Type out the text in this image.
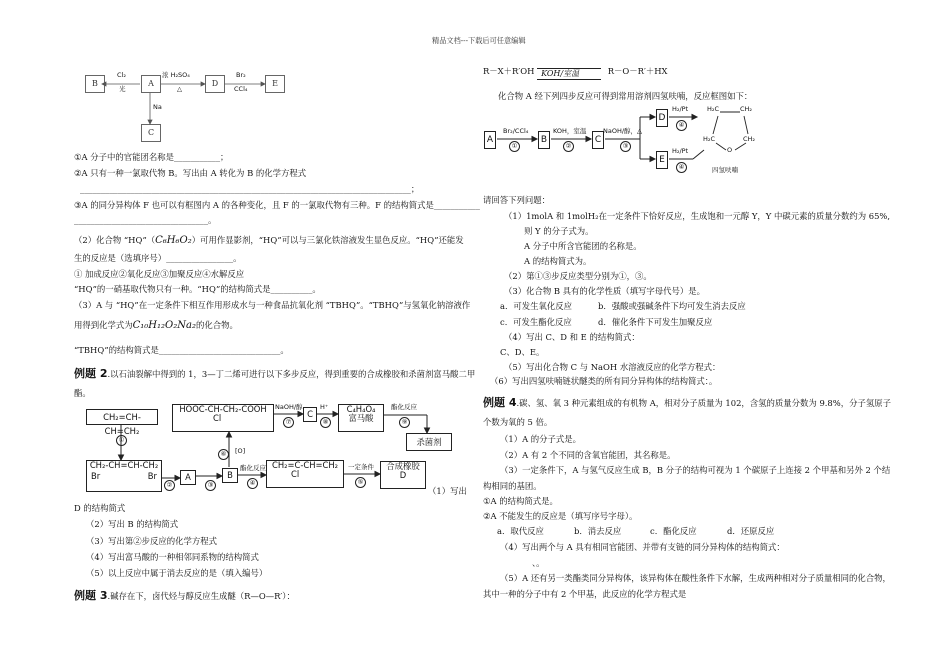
精品文档---下载后可任意编辑
B	A	D	E
C
Cl₂
光
浓 H₂SO₄
△
Br₂
CCl₄
Na
①A 分子中的官能团名称是___________；
②A 只有一种一氯取代物 B。写出由 A 转化为 B 的化学方程式
_______________________________________________________________________________；
③A 的同分异构体 F 也可以有框图内 A 的各种变化，且 F 的一氯取代物有三种。F 的结构简式是___________
________________________________。
（2）化合物 “HQ”（C₆H₆O₂）可用作显影剂，“HQ”可以与三氯化铁溶液发生显色反应。“HQ”还能发
生的反应是（选填序号）________________。
① 加成反应②氧化反应③加聚反应④水解反应
“HQ”的一硝基取代物只有一种。“HQ”的结构简式是__________。
（3）A 与 “HQ”在一定条件下相互作用形成水与一种食品抗氧化剂 “TBHQ”。“TBHQ”与氢氧化钠溶液作
用得到化学式为C₁₀H₁₂O₂Na₂的化合物。
“TBHQ”的结构简式是_____________________________。
例题 2.以石油裂解中得到的 1，3—丁二烯可进行以下多步反应，得到重要的合成橡胶和杀菌剂富马酸二甲
酯。
CH₂=CH-CH=CH₂
HOOC-CH-CH₂-COOH
Cl	C	C₄H₄O₄
富马酸
杀菌剂
CH₂-CH=CH-CH₂
Br	Br	A	B
CH₂=C-CH=CH₂
Cl
合成橡胶
D
①
②	③
酯化反应
④
一定条件
⑤
⑥	[O]
NaOH/醇
⑦
H⁺
⑧
酯化反应
⑨
（1）写出
D 的结构简式
（2）写出 B 的结构简式
（3）写出第②步反应的化学方程式
（4）写出富马酸的一种相邻同系物的结构简式
（5）以上反应中属于消去反应的是（填入编号）
例题 3.碱存在下，卤代烃与醇反应生成醚（R—O—R′）：
R－X＋R′OH KOH/室温	R－O－R′＋HX
化合物 A 经下列四步反应可得到常用溶剂四氢呋喃，反应框图如下：
A	B	C
D
E
Br₂/CCl₄
①
KOH，室温
②
NaOH/醇，△
③
H₂/Pt
④
H₂/Pt
④
H₂C	CH₂
H₂C	CH₂
O
四氢呋喃
请回答下列问题：
（1）1molA 和 1molH₂在一定条件下恰好反应，生成饱和一元醇 Y，Y 中碳元素的质量分数约为 65%,
则 Y 的分子式为。
A 分子中所含官能团的名称是。
A 的结构简式为。
（2）第①③步反应类型分别为①，③。
（3）化合物 B 具有的化学性质（填写字母代号）是。
a．可发生氧化反应	b．强酸或强碱条件下均可发生消去反应
c．可发生酯化反应	d．催化条件下可发生加聚反应
（4）写出 C、D 和 E 的结构简式：
C、D、E。
（5）写出化合物 C 与 NaOH 水溶液反应的化学方程式：
（6）写出四氢呋喃链状醚类的所有同分异构体的结构简式：。
例题 4.碳、氢、氧 3 种元素组成的有机物 A，相对分子质量为 102，含氢的质量分数为 9.8%，分子氢原子
个数为氧的 5 倍。
（1）A 的分子式是。
（2）A 有 2 个不同的含氧官能团，其名称是。
（3）一定条件下，A 与氢气反应生成 B，B 分子的结构可视为 1 个碳原子上连接 2 个甲基和另外 2 个结
构相同的基团。
①A 的结构简式是。
②A 不能发生的反应是（填写序号字母）。
a．取代反应	b．消去反应	c．酯化反应	d．还原反应
（4）写出两个与 A 具有相同官能团、并带有支链的同分异构体的结构简式：
、。
（5）A 还有另一类酯类同分异构体，该异构体在酸性条件下水解，生成两种相对分子质量相同的化合物，
其中一种的分子中有 2 个甲基，此反应的化学方程式是
